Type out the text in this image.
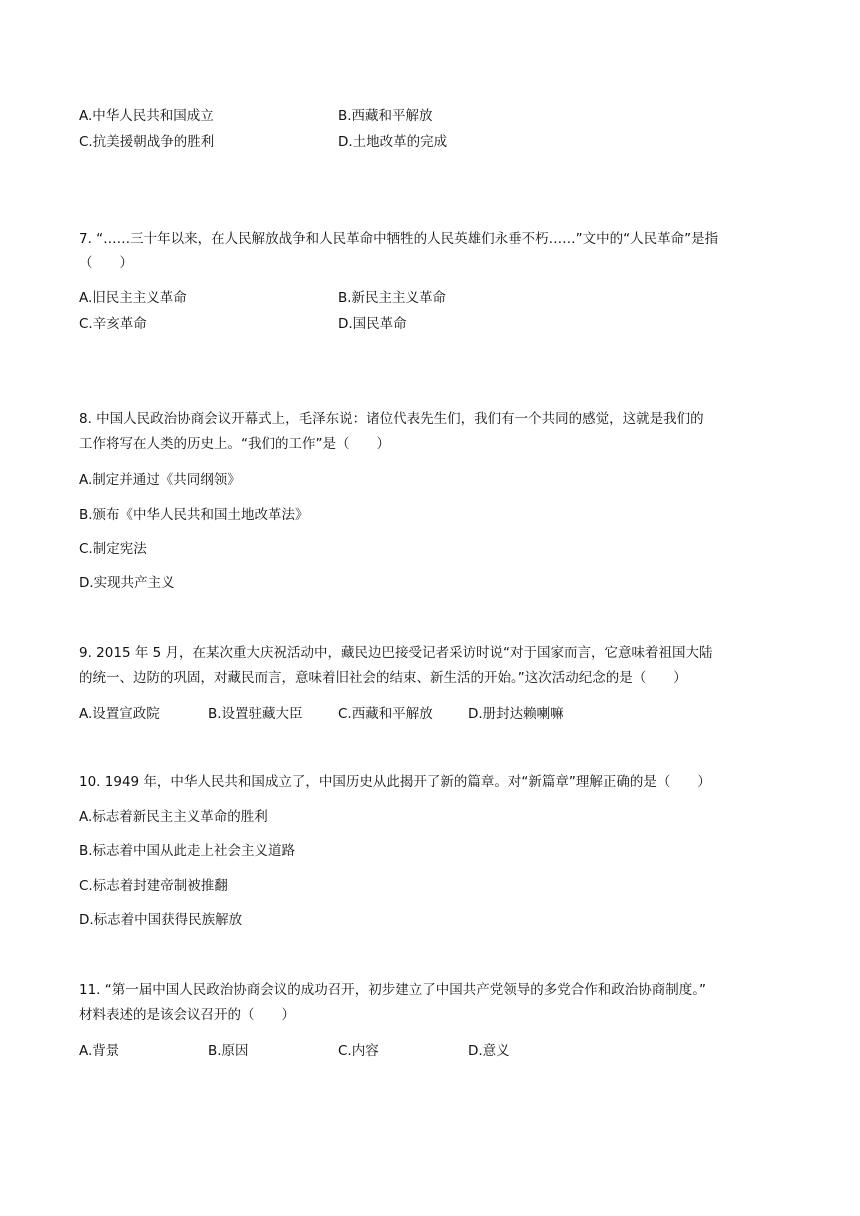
A.中华人民共和国成立	B.西藏和平解放
C.抗美援朝战争的胜利	D.土地改革的完成
7. “……三十年以来，在人民解放战争和人民革命中牺牲的人民英雄们永垂不朽……”文中的“人民革命”是指
（　　）
A.旧民主主义革命	B.新民主主义革命
C.辛亥革命	D.国民革命
8. 中国人民政治协商会议开幕式上，毛泽东说：诸位代表先生们，我们有一个共同的感觉，这就是我们的
工作将写在人类的历史上。“我们的工作”是（　　）
A.制定并通过《共同纲领》
B.颁布《中华人民共和国土地改革法》
C.制定宪法
D.实现共产主义
9. 2015 年 5 月，在某次重大庆祝活动中，藏民边巴接受记者采访时说“对于国家而言，它意味着祖国大陆
的统一、边防的巩固，对藏民而言，意味着旧社会的结束、新生活的开始。”这次活动纪念的是（　　）
A.设置宣政院	B.设置驻藏大臣	C.西藏和平解放	D.册封达赖喇嘛
10. 1949 年，中华人民共和国成立了，中国历史从此揭开了新的篇章。对“新篇章”理解正确的是（　　）
A.标志着新民主主义革命的胜利
B.标志着中国从此走上社会主义道路
C.标志着封建帝制被推翻
D.标志着中国获得民族解放
11. “第一届中国人民政治协商会议的成功召开，初步建立了中国共产党领导的多党合作和政治协商制度。”
材料表述的是该会议召开的（　　）
A.背景	B.原因	C.内容	D.意义
